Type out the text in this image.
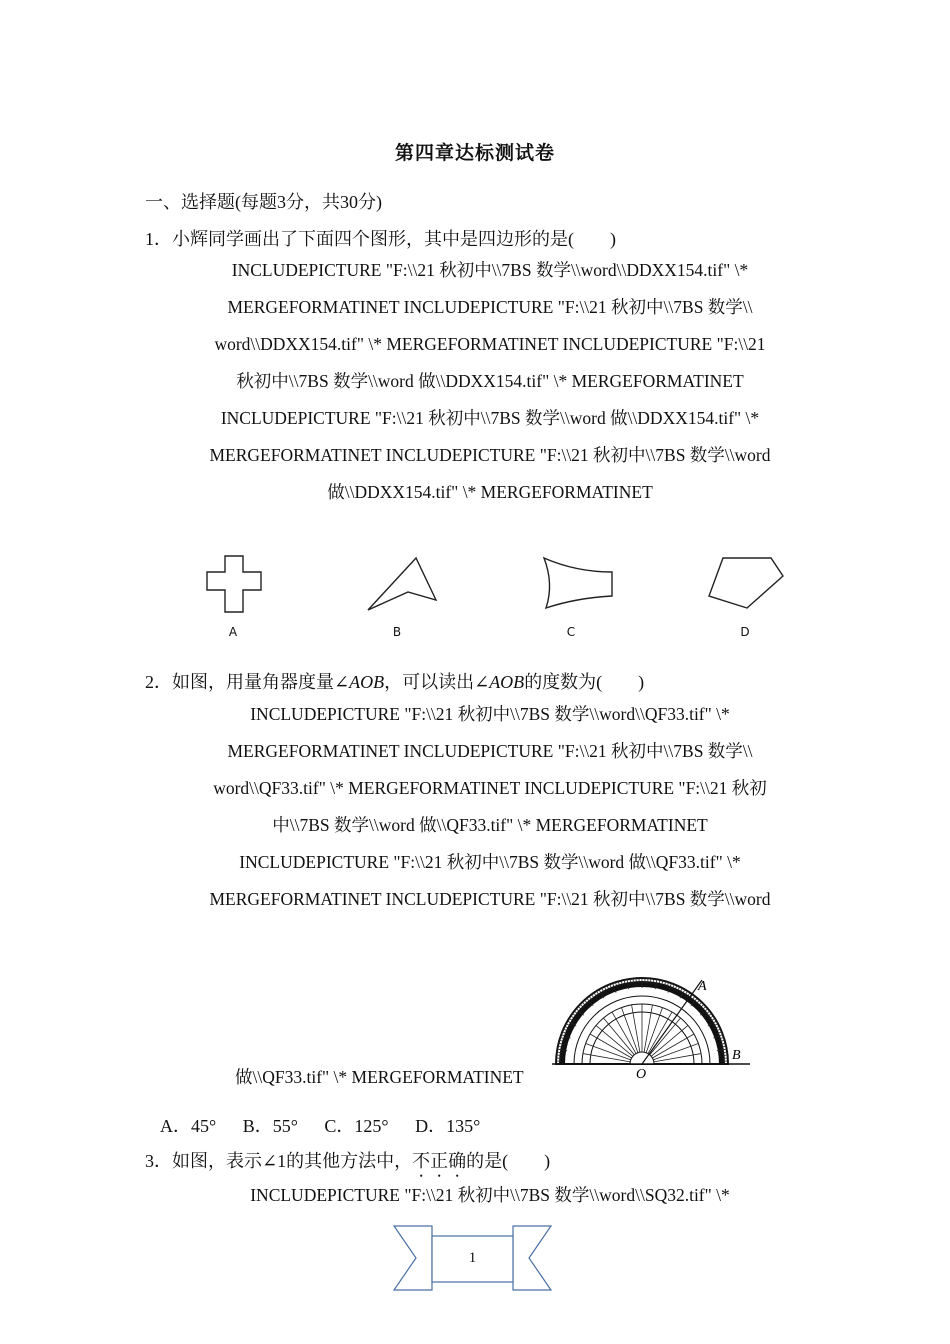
第四章达标测试卷
一、选择题(每题3分，共30分)
1．小辉同学画出了下面四个图形，其中是四边形的是(　　)
INCLUDEPICTURE "F:\\21 秋初中\\7BS 数学\\word\\DDXX154.tif" \*
MERGEFORMATINET INCLUDEPICTURE "F:\\21 秋初中\\7BS 数学\\
word\\DDXX154.tif" \* MERGEFORMATINET INCLUDEPICTURE "F:\\21
秋初中\\7BS 数学\\word 做\\DDXX154.tif" \* MERGEFORMATINET
INCLUDEPICTURE "F:\\21 秋初中\\7BS 数学\\word 做\\DDXX154.tif" \*
MERGEFORMATINET INCLUDEPICTURE "F:\\21 秋初中\\7BS 数学\\word
做\\DDXX154.tif" \* MERGEFORMATINET
A	B	C	D
2．如图，用量角器度量∠AOB，可以读出∠AOB的度数为(　　)
INCLUDEPICTURE "F:\\21 秋初中\\7BS 数学\\word\\QF33.tif" \*
MERGEFORMATINET INCLUDEPICTURE "F:\\21 秋初中\\7BS 数学\\
word\\QF33.tif" \* MERGEFORMATINET INCLUDEPICTURE "F:\\21 秋初
中\\7BS 数学\\word 做\\QF33.tif" \* MERGEFORMATINET
INCLUDEPICTURE "F:\\21 秋初中\\7BS 数学\\word 做\\QF33.tif" \*
MERGEFORMATINET INCLUDEPICTURE "F:\\21 秋初中\\7BS 数学\\word
做\\QF33.tif" \* MERGEFORMATINET
A
B
O
A．45° B．55° C．125° D．135°
3．如图，表示∠1的其他方法中，不正确的是(　　)
INCLUDEPICTURE "F:\\21 秋初中\\7BS 数学\\word\\SQ32.tif" \*
1
